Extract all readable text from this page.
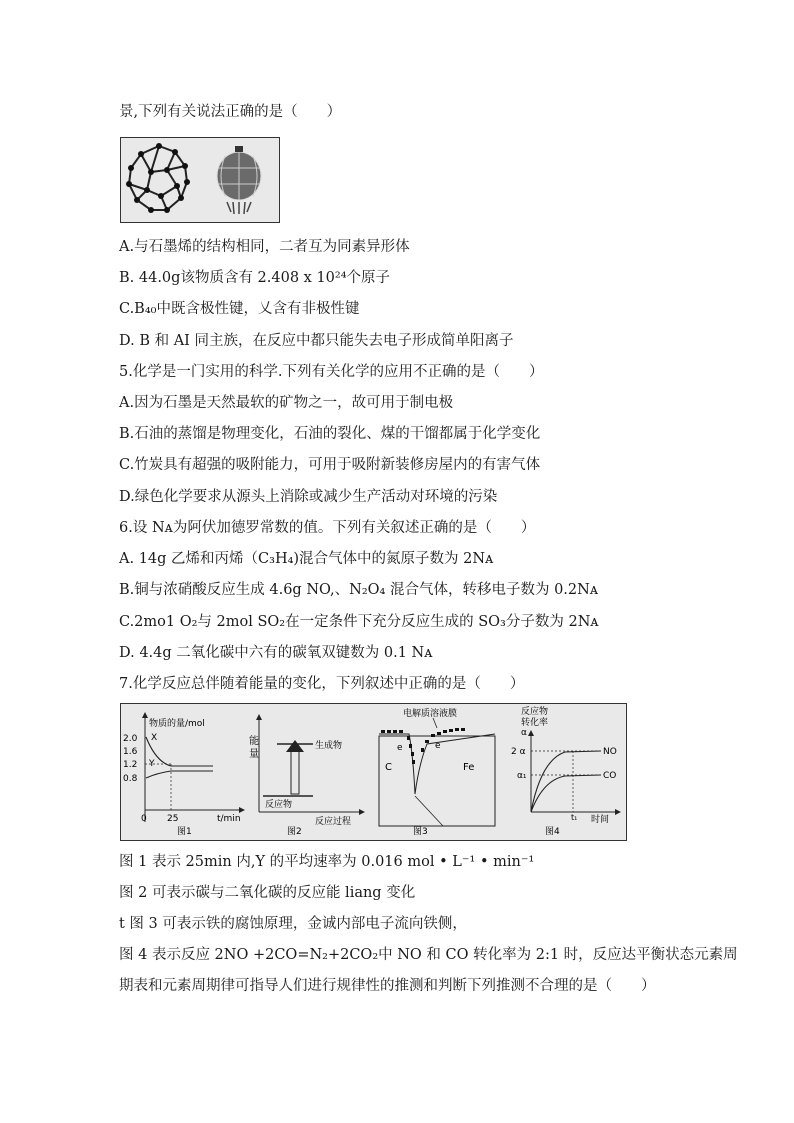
景,下列有关说法正确的是（　　）
A.与石墨烯的结构相同，二者互为同素异形体
B. 44.0g该物质含有 2.408 x 10²⁴个原子
C.B₄₀中既含极性键，乂含有非极性键
D. B 和 AI 同主族，在反应中都只能失去电子形成简单阳离子
5.化学是一门实用的科学.下列有关化学的应用不正确的是（　　）
A.因为石墨是天然最软的矿物之一，故可用于制电极
B.石油的蒸馏是物理变化，石油的裂化、煤的干馏都属于化学变化
C.竹炭具有超强的吸附能力，可用于吸附新装修房屋内的有害气体
D.绿色化学要求从源头上消除或减少生产活动对环境的污染
6.设 Nᴀ为阿伏加德罗常数的值。下列有关叙述正确的是（　　）
A. 14g 乙烯和丙烯（C₃H₄)混合气体中的氮原子数为 2Nᴀ
B.铜与浓硝酸反应生成 4.6g NO,、N₂O₄ 混合气体，转移电子数为 0.2Nᴀ
C.2mo1 O₂与 2mol SO₂在一定条件下充分反应生成的 SO₃分子数为 2Nᴀ
D. 4.4g 二氧化碳中六有的碳氧双键数为 0.1 Nᴀ
7.化学反应总伴随着能量的变化，下列叙述中正确的是（　　）
物质的量/mol
2.0
1.6
1.2
0.8
X
Y
0 25	t/min
图1
能
量
生成物
反应物
反应过程
图2
电解质溶液膜
C	Fe
e	e
图3
反应物
转化率
α
2 α
α₁
NO
CO
t₁ 时间
图4
图 1 表示 25min 内,Y 的平均速率为 0.016 mol • L⁻¹ • min⁻¹
图 2 可表示碳与二氧化碳的反应能 liang 变化
t 图 3 可表示铁的腐蚀原理，金诚内部电子流向铁侧，
图 4 表示反应 2NO +2CO=N₂+2CO₂中 NO 和 CO 转化率为 2:1 时，反应达平衡状态元素周
期表和元素周期律可指导人们进行规律性的推测和判断下列推测不合理的是（　　）
